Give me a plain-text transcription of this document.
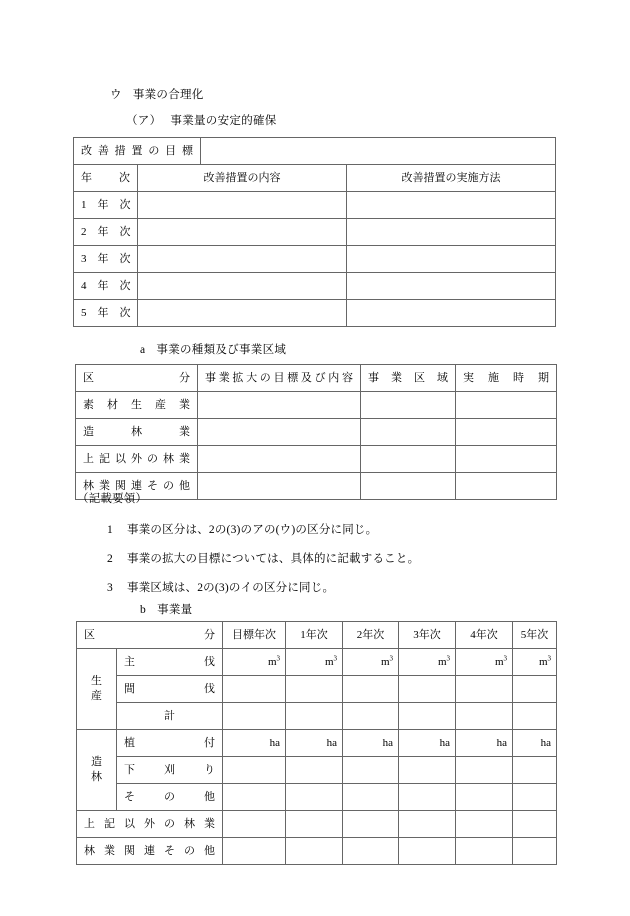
ウ 事業の合理化
（ア） 事業量の安定的確保
改善措置の目標			

年　　次	改善措置の内容		改善措置の実施方法

1　年　次			

2　年　次			

3　年　次			

4　年　次			

5　年　次			

a 事業の種類及び事業区域
区　　　　分	事業拡大の目標及び内容	事業区域	実施時期

素材生産業			

造林業			

上記以外の林業			

林業関連その他			

（記載要領）
1 事業の区分は、2の(3)のアの(ウ)の区分に同じ。
2 事業の拡大の目標については、具体的に記載すること。
3 事業区域は、2の(3)のイの区分に同じ。
b 事業量
区　　　　分		目標年次	1年次	2年次	3年次	4年次	5年次

生
産	主伐	$m^3$	$m^3$	$m^3$	$m^3$	$m^3$	$m^3$

	間伐						

	計						

造
林	植付	ha	ha	ha	ha	ha	ha

	下刈り						

	その他						

上記以外の林業							

林業関連その他							
